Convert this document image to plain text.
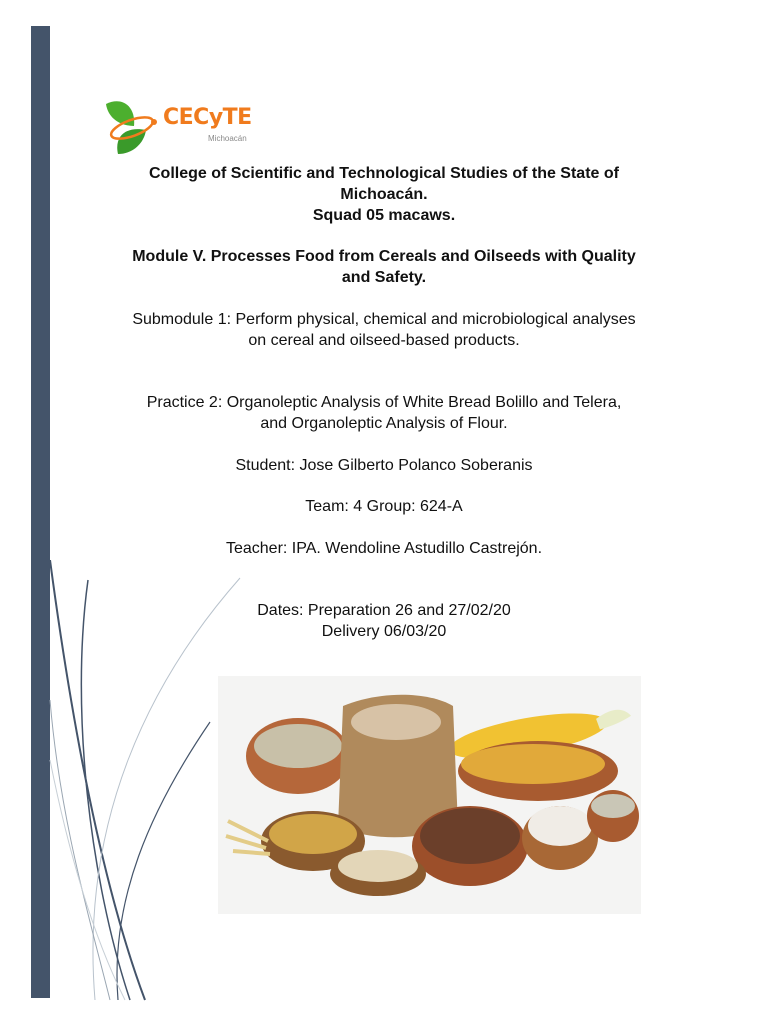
CECyTE
Michoacán
College of Scientific and Technological Studies of the State of
Michoacán.
Squad 05 macaws.
Module V. Processes Food from Cereals and Oilseeds with Quality
and Safety.
Submodule 1: Perform physical, chemical and microbiological analyses
on cereal and oilseed-based products.
Practice 2: Organoleptic Analysis of White Bread Bolillo and Telera,
and Organoleptic Analysis of Flour.
Student: Jose Gilberto Polanco Soberanis
Team: 4 Group: 624-A
Teacher: IPA. Wendoline Astudillo Castrejón.
Dates: Preparation 26 and 27/02/20
Delivery 06/03/20
